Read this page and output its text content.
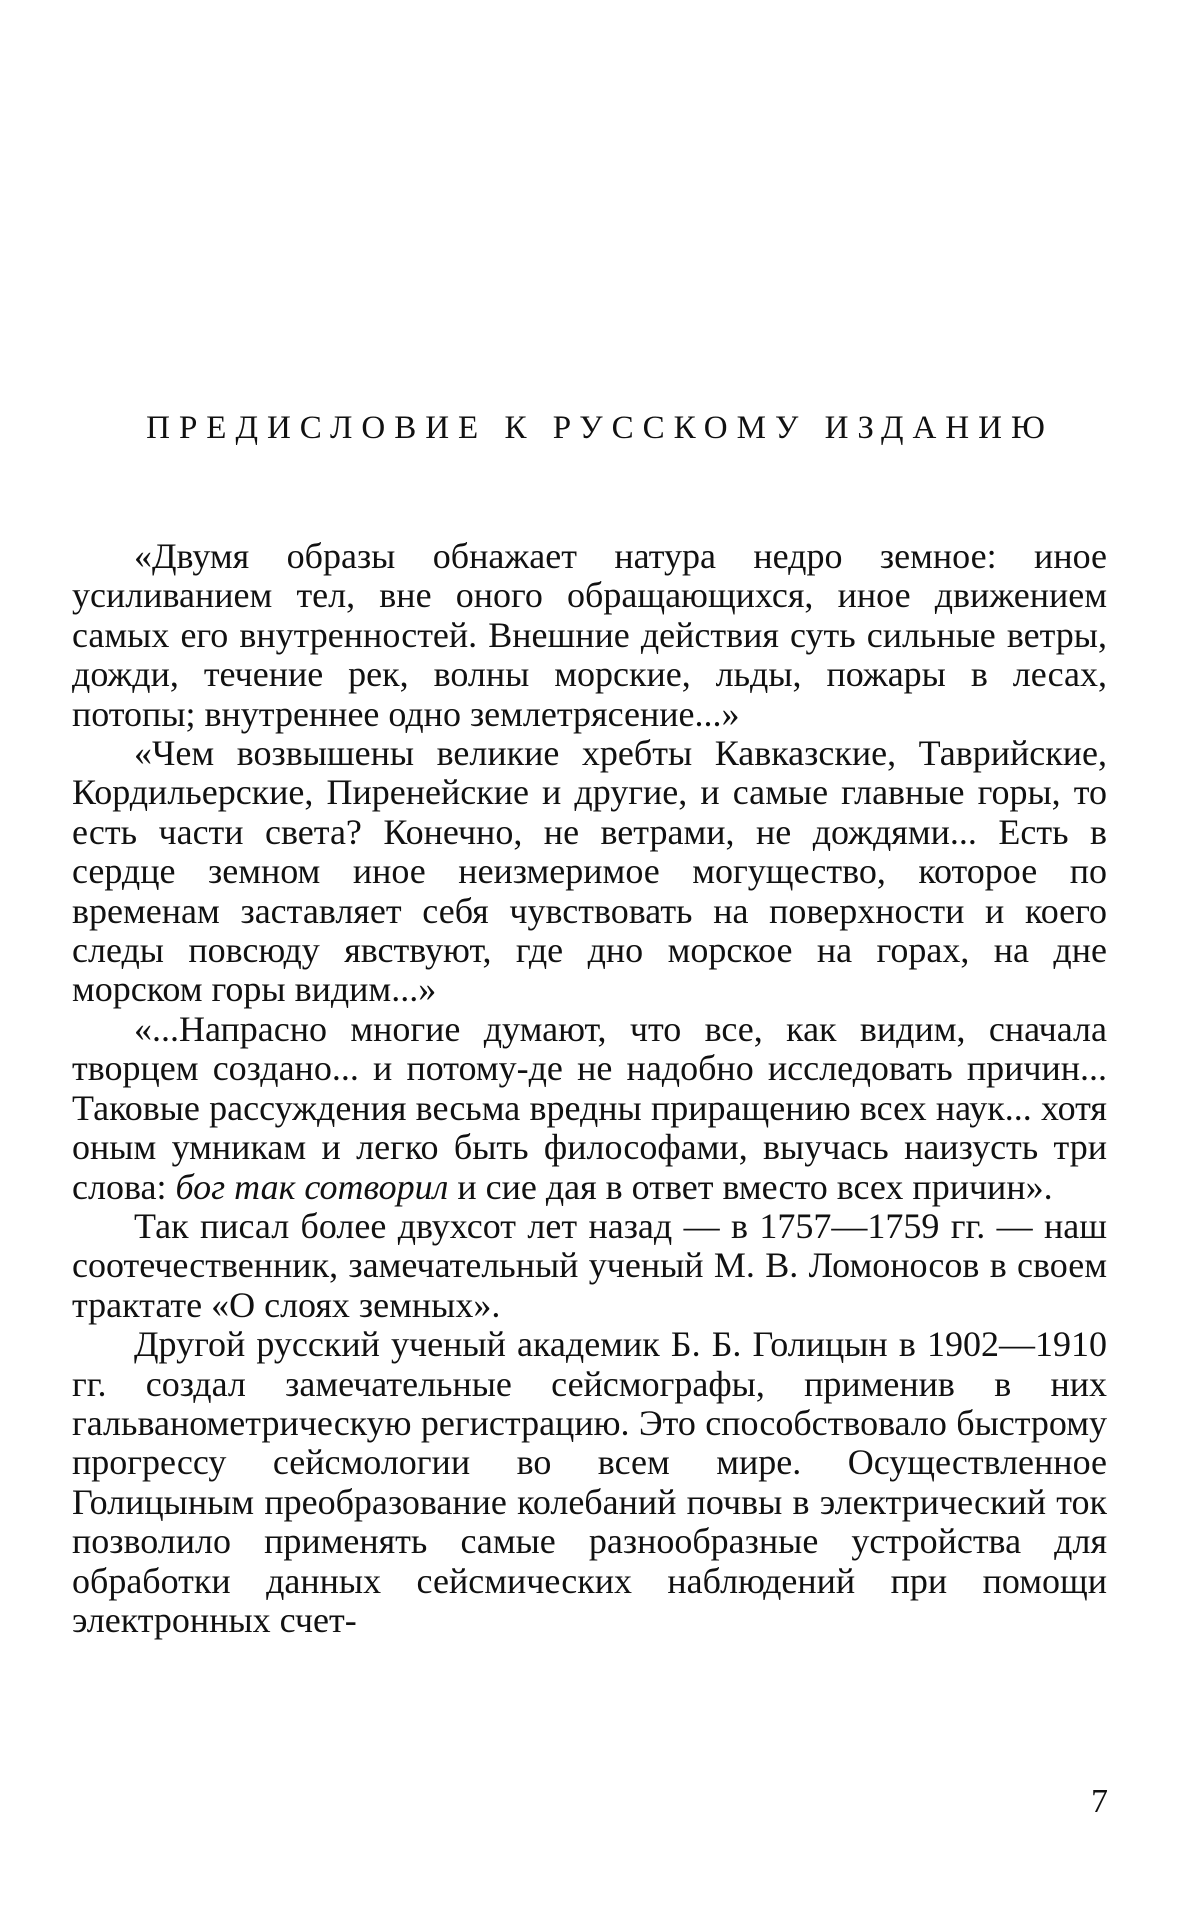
ПРЕДИСЛОВИЕ К РУССКОМУ ИЗДАНИЮ

«Двумя образы обнажает натура недро земное: иное усиливанием тел, вне оного обращающихся, иное движением самых его внутренностей. Внешние действия суть сильные ветры, дожди, течение рек, волны морские, льды, пожары в лесах, потопы; внутреннее одно землетрясение...»

«Чем возвышены великие хребты Кавказские, Таврийские, Кордильерские, Пиренейские и другие, и самые главные горы, то есть части света? Конечно, не ветрами, не дождями... Есть в сердце земном иное неизмеримое могущество, которое по временам заставляет себя чувствовать на поверхности и коего следы повсюду явствуют, где дно морское на горах, на дне морском горы видим...»

«...Напрасно многие думают, что все, как видим, сначала творцем создано... и потому-де не надобно исследовать причин... Таковые рассуждения весьма вредны приращению всех наук... хотя оным умникам и легко быть философами, выучась наизусть три слова: бог так сотворил и сие дая в ответ вместо всех причин».

Так писал более двухсот лет назад — в 1757—1759 гг. — наш соотечественник, замечательный ученый М. В. Ломоносов в своем трактате «О слоях земных».

Другой русский ученый академик Б. Б. Голицын в 1902—1910 гг. создал замечательные сейсмографы, применив в них гальванометрическую регистрацию. Это способствовало быстрому прогрессу сейсмологии во всем мире. Осуществленное Голицыным преобразование колебаний почвы в электрический ток позволило применять самые разнообразные устройства для обработки данных сейсмических наблюдений при помощи электронных счет-

7
